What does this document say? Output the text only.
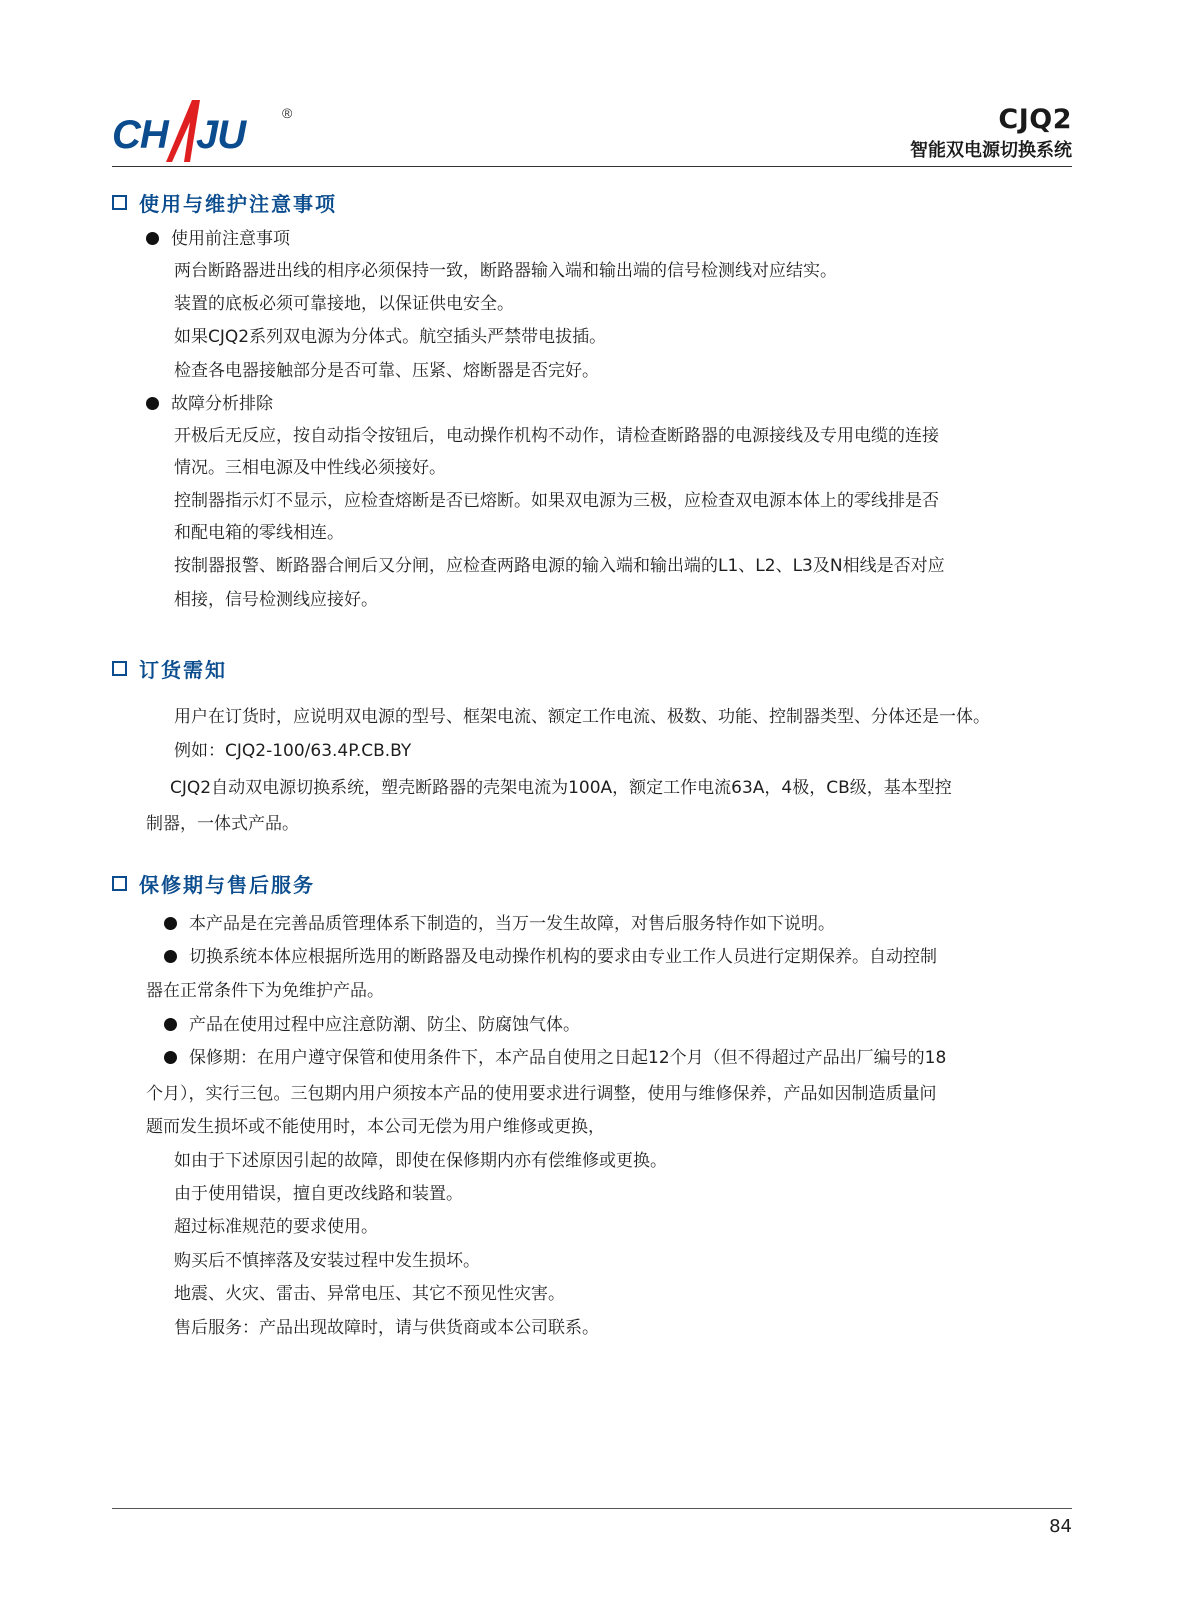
CH JU	®	CJQ2
智能双电源切换系统
使用与维护注意事项
使用前注意事项
两台断路器进出线的相序必须保持一致，断路器输入端和输出端的信号检测线对应结实。
装置的底板必须可靠接地，以保证供电安全。
如果CJQ2系列双电源为分体式。航空插头严禁带电拔插。
检查各电器接触部分是否可靠、压紧、熔断器是否完好。
故障分析排除
开极后无反应，按自动指令按钮后，电动操作机构不动作，请检查断路器的电源接线及专用电缆的连接
情况。三相电源及中性线必须接好。
控制器指示灯不显示，应检查熔断是否已熔断。如果双电源为三极，应检查双电源本体上的零线排是否
和配电箱的零线相连。
按制器报警、断路器合闸后又分闸，应检查两路电源的输入端和输出端的L1、L2、L3及N相线是否对应
相接，信号检测线应接好。
订货需知
用户在订货时，应说明双电源的型号、框架电流、额定工作电流、极数、功能、控制器类型、分体还是一体。
例如：CJQ2-100/63.4P.CB.BY
CJQ2自动双电源切换系统，塑壳断路器的壳架电流为100A，额定工作电流63A，4极，CB级，基本型控
制器，一体式产品。
保修期与售后服务
本产品是在完善品质管理体系下制造的，当万一发生故障，对售后服务特作如下说明。
切换系统本体应根据所选用的断路器及电动操作机构的要求由专业工作人员进行定期保养。自动控制
器在正常条件下为免维护产品。
产品在使用过程中应注意防潮、防尘、防腐蚀气体。
保修期：在用户遵守保管和使用条件下，本产品自使用之日起12个月（但不得超过产品出厂编号的18
个月），实行三包。三包期内用户须按本产品的使用要求进行调整，使用与维修保养，产品如因制造质量问
题而发生损坏或不能使用时，本公司无偿为用户维修或更换，
如由于下述原因引起的故障，即使在保修期内亦有偿维修或更换。
由于使用错误，擅自更改线路和装置。
超过标准规范的要求使用。
购买后不慎摔落及安装过程中发生损坏。
地震、火灾、雷击、异常电压、其它不预见性灾害。
售后服务：产品出现故障时，请与供货商或本公司联系。
84
